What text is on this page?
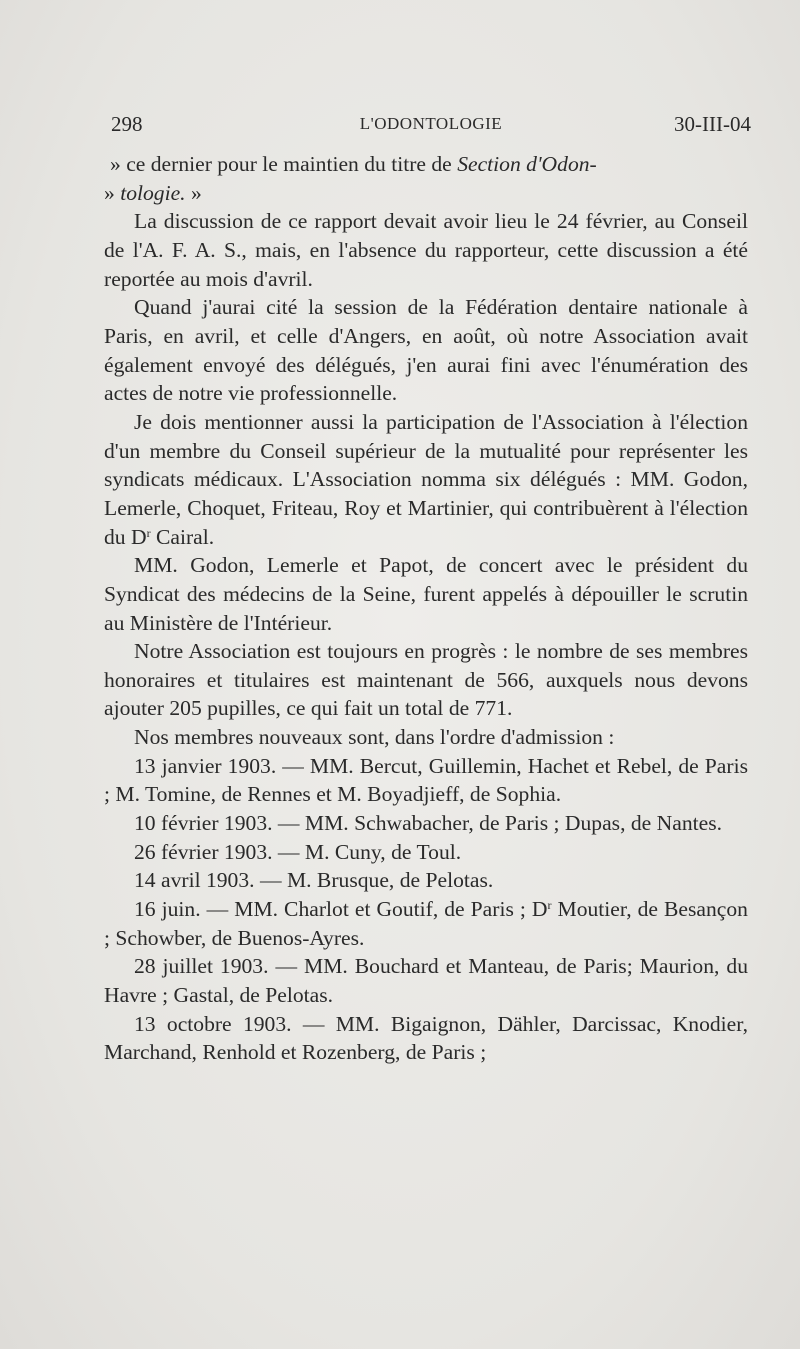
298	L'ODONTOLOGIE	30-III-04

» ce dernier pour le maintien du titre de Section d'Odon-
» tologie. »

La discussion de ce rapport devait avoir lieu le 24 février, au Conseil de l'A. F. A. S., mais, en l'absence du rapporteur, cette discussion a été reportée au mois d'avril.

Quand j'aurai cité la session de la Fédération dentaire nationale à Paris, en avril, et celle d'Angers, en août, où notre Association avait également envoyé des délégués, j'en aurai fini avec l'énumération des actes de notre vie professionnelle.

Je dois mentionner aussi la participation de l'Association à l'élection d'un membre du Conseil supérieur de la mutualité pour représenter les syndicats médicaux. L'Association nomma six délégués : MM. Godon, Lemerle, Choquet, Friteau, Roy et Martinier, qui contribuèrent à l'élection du $D^r$ Cairal.

MM. Godon, Lemerle et Papot, de concert avec le président du Syndicat des médecins de la Seine, furent appelés à dépouiller le scrutin au Ministère de l'Intérieur.

Notre Association est toujours en progrès : le nombre de ses membres honoraires et titulaires est maintenant de 566, auxquels nous devons ajouter 205 pupilles, ce qui fait un total de 771.

Nos membres nouveaux sont, dans l'ordre d'admission :

13 janvier 1903. — MM. Bercut, Guillemin, Hachet et Rebel, de Paris ; M. Tomine, de Rennes et M. Boyadjieff, de Sophia.

10 février 1903. — MM. Schwabacher, de Paris ; Dupas, de Nantes.

26 février 1903. — M. Cuny, de Toul.

14 avril 1903. — M. Brusque, de Pelotas.

16 juin. — MM. Charlot et Goutif, de Paris ; $D^r$ Moutier, de Besançon ; Schowber, de Buenos-Ayres.

28 juillet 1903. — MM. Bouchard et Manteau, de Paris; Maurion, du Havre ; Gastal, de Pelotas.

13 octobre 1903. — MM. Bigaignon, Dähler, Darcissac, Knodier, Marchand, Renhold et Rozenberg, de Paris ;
